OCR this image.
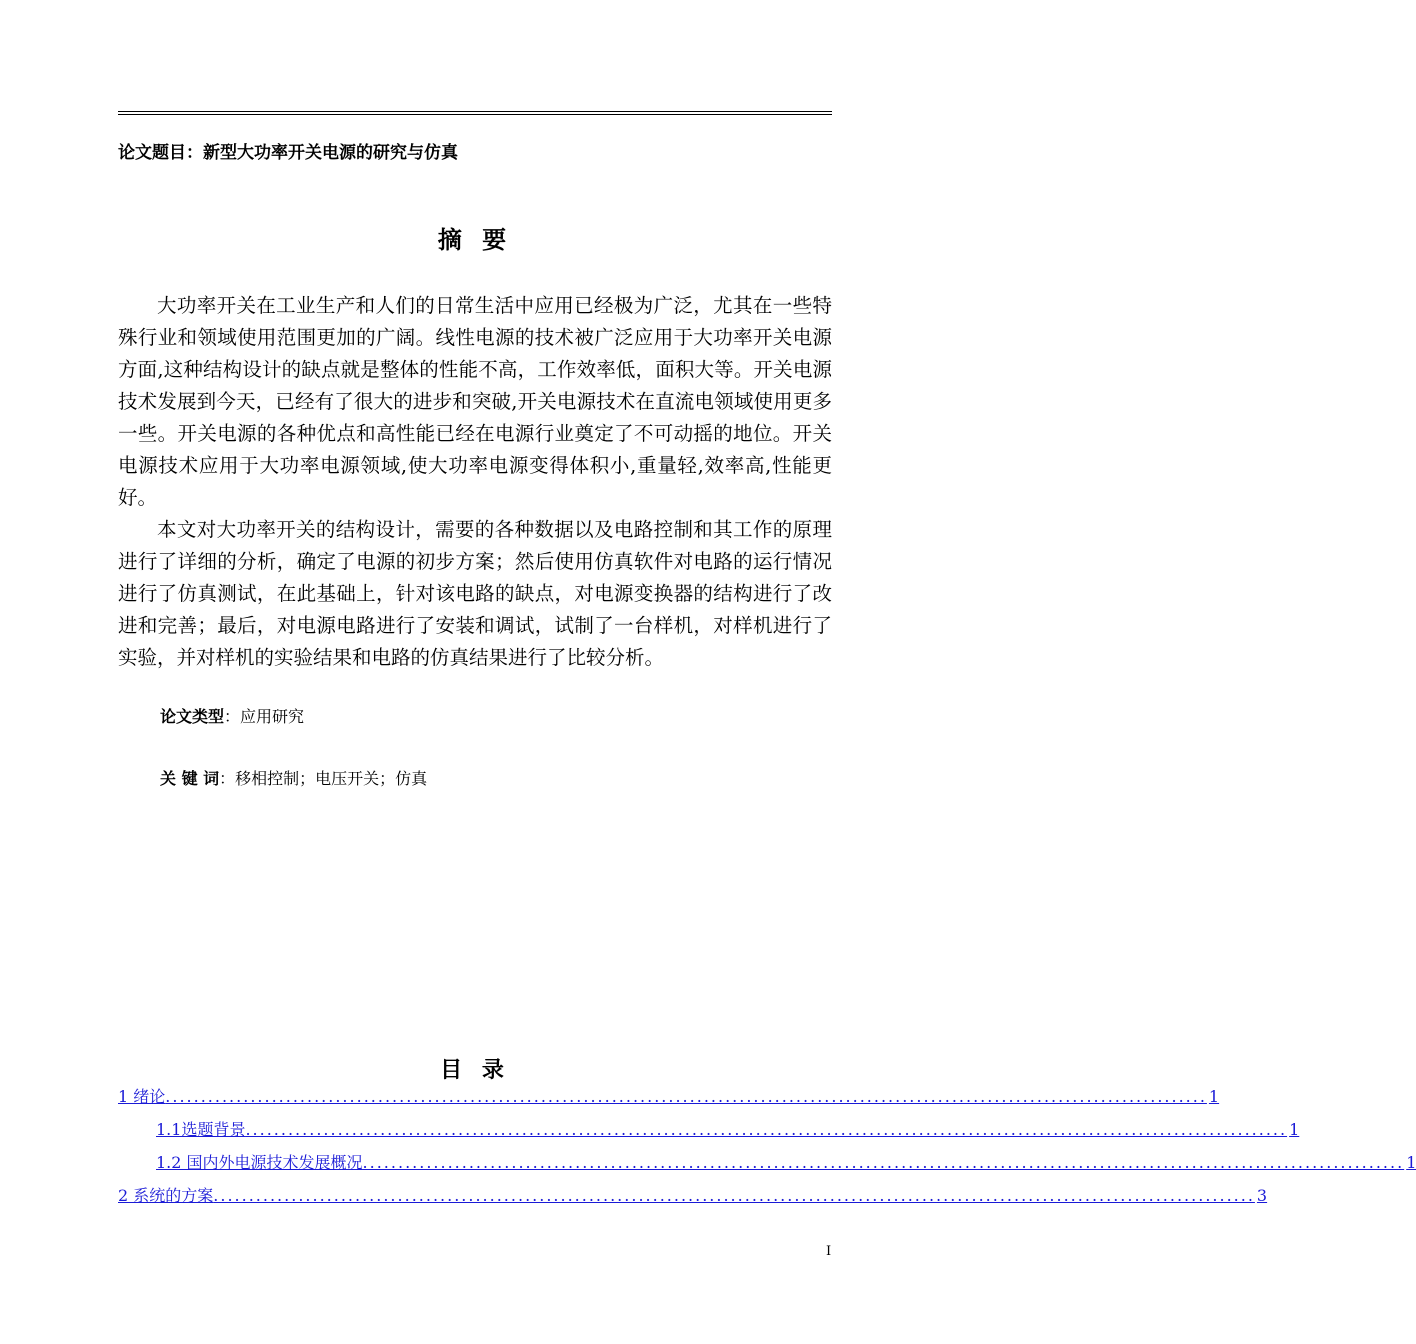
论文题目：新型大功率开关电源的研究与仿真
摘 要

大功率开关在工业生产和人们的日常生活中应用已经极为广泛，尤其在一些特殊行业和领域使用范围更加的广阔。线性电源的技术被广泛应用于大功率开关电源方面,这种结构设计的缺点就是整体的性能不高，工作效率低，面积大等。开关电源技术发展到今天，已经有了很大的进步和突破,开关电源技术在直流电领域使用更多一些。开关电源的各种优点和高性能已经在电源行业奠定了不可动摇的地位。开关电源技术应用于大功率电源领域,使大功率电源变得体积小,重量轻,效率高,性能更好。

本文对大功率开关的结构设计，需要的各种数据以及电路控制和其工作的原理进行了详细的分析，确定了电源的初步方案；然后使用仿真软件对电路的运行情况进行了仿真测试，在此基础上，针对该电路的缺点，对电源变换器的结构进行了改进和完善；最后，对电源电路进行了安装和调试，试制了一台样机，对样机进行了实验，并对样机的实验结果和电路的仿真结果进行了比较分析。

论文类型：应用研究
关 键 词：移相控制；电压开关；仿真
目 录
1 绪论 ................................................................................................................................................... 1
1.1选题背景 ................................................................................................................................................... 1
1.2 国内外电源技术发展概况 ................................................................................................................................................... 1
2 系统的方案 ................................................................................................................................................... 3
I
